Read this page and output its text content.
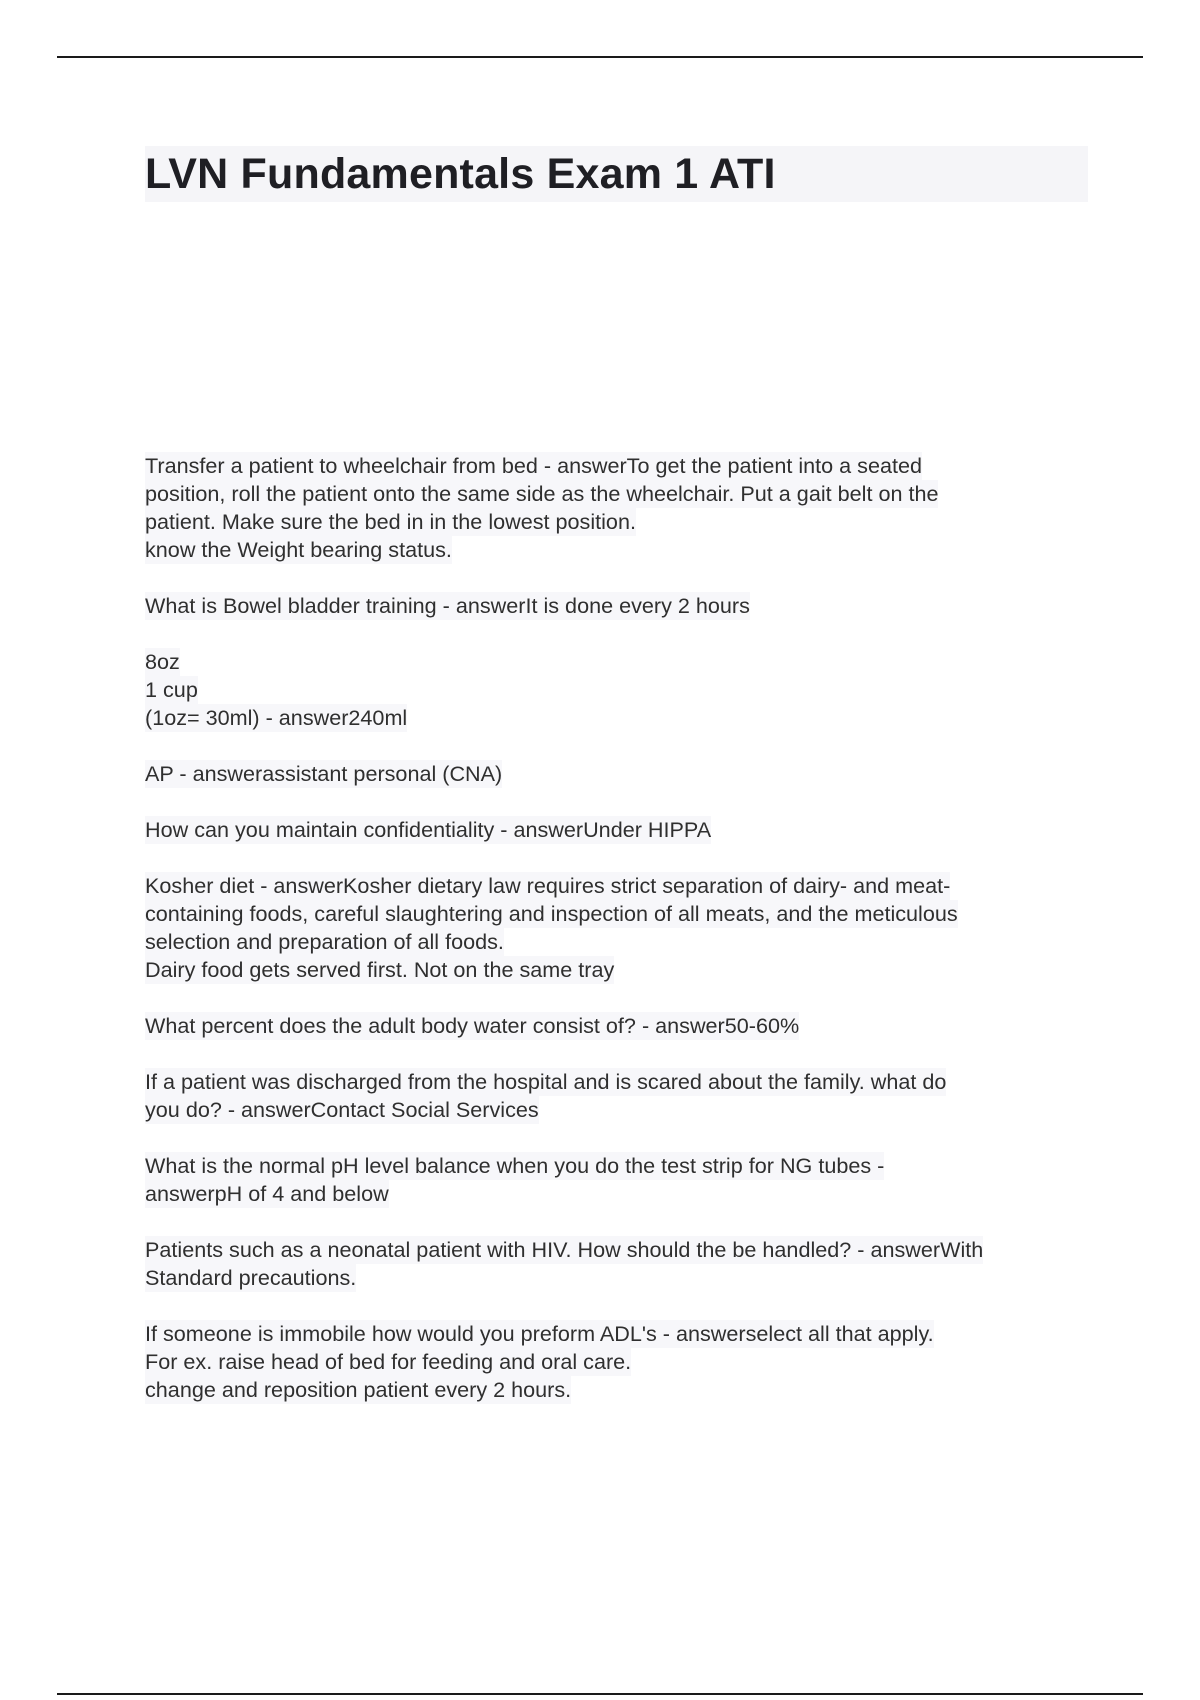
LVN Fundamentals Exam 1 ATI
Transfer a patient to wheelchair from bed - answerTo get the patient into a seated
position, roll the patient onto the same side as the wheelchair. Put a gait belt on the
patient. Make sure the bed in in the lowest position.
know the Weight bearing status.
What is Bowel bladder training - answerIt is done every 2 hours
8oz
1 cup
(1oz= 30ml) - answer240ml
AP - answerassistant personal (CNA)
How can you maintain confidentiality - answerUnder HIPPA
Kosher diet - answerKosher dietary law requires strict separation of dairy- and meat-
containing foods, careful slaughtering and inspection of all meats, and the meticulous
selection and preparation of all foods.
Dairy food gets served first. Not on the same tray
What percent does the adult body water consist of? - answer50-60%
If a patient was discharged from the hospital and is scared about the family. what do
you do? - answerContact Social Services
What is the normal pH level balance when you do the test strip for NG tubes -
answerpH of 4 and below
Patients such as a neonatal patient with HIV. How should the be handled? - answerWith
Standard precautions.
If someone is immobile how would you preform ADL's - answerselect all that apply.
For ex. raise head of bed for feeding and oral care.
change and reposition patient every 2 hours.
